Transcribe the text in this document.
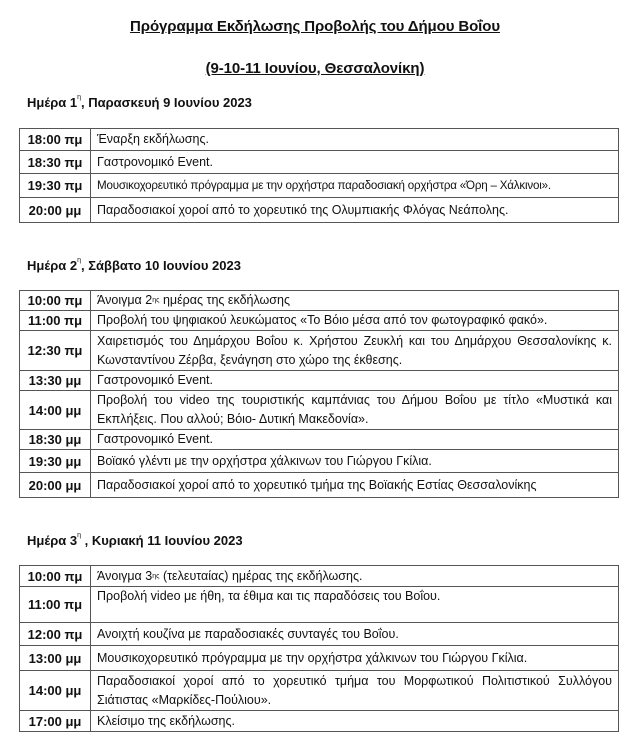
Πρόγραμμα Εκδήλωσης Προβολής του Δήμου Βοΐου
(9-10-11 Ιουνίου, Θεσσαλονίκη)
Ημέρα $1^\eta$, Παρασκευή 9 Ιουνίου 2023
18:00 πμ	Έναρξη εκδήλωσης.
18:30 πμ	Γαστρονομικό Event.
19:30 πμ	Μουσικοχορευτικό πρόγραμμα με την ορχήστρα παραδοσιακή ορχήστρα «Όρη – Χάλκινοι».
20:00 μμ	Παραδοσιακοί χοροί από το χορευτικό της Ολυμπιακής Φλόγας Νεάπολης.
Ημέρα $2^\eta$, Σάββατο 10 Ιουνίου 2023
10:00 πμ	Άνοιγμα $2^{\eta\varsigma}$ ημέρας της εκδήλωσης
11:00 πμ	Προβολή του ψηφιακού λευκώματος «Το Βόιο μέσα από τον φωτογραφικό φακό».
12:30 πμ	Χαιρετισμός του Δημάρχου Βοΐου κ. Χρήστου Ζευκλή και του Δημάρχου Θεσσαλονίκης κ. Κωνσταντίνου Ζέρβα, ξενάγηση στο χώρο της έκθεσης.
13:30 μμ	Γαστρονομικό Event.
14:00 μμ	Προβολή του video της τουριστικής καμπάνιας του Δήμου Βοΐου με τίτλο «Μυστικά και Εκπλήξεις. Που αλλού; Βόιο- Δυτική Μακεδονία».
18:30 μμ	Γαστρονομικό Event.
19:30 μμ	Βοϊακό γλέντι με την ορχήστρα χάλκινων του Γιώργου Γκίλια.
20:00 μμ	Παραδοσιακοί χοροί από το χορευτικό τμήμα της Βοϊακής Εστίας Θεσσαλονίκης
Ημέρα $3^\eta$ , Κυριακή 11 Ιουνίου 2023
10:00 πμ	Άνοιγμα $3^{\eta\varsigma}$ (τελευταίας) ημέρας της εκδήλωσης.
11:00 πμ	Προβολή video με ήθη, τα έθιμα και τις παραδόσεις του Βοΐου.
12:00 πμ	Ανοιχτή κουζίνα με παραδοσιακές συνταγές του Βοΐου.
13:00 μμ	Μουσικοχορευτικό πρόγραμμα με την ορχήστρα χάλκινων του Γιώργου Γκίλια.
14:00 μμ	Παραδοσιακοί χοροί από το χορευτικό τμήμα του Μορφωτικού Πολιτιστικού Συλλόγου Σιάτιστας «Μαρκίδες-Πούλιου».
17:00 μμ	Κλείσιμο της εκδήλωσης.
